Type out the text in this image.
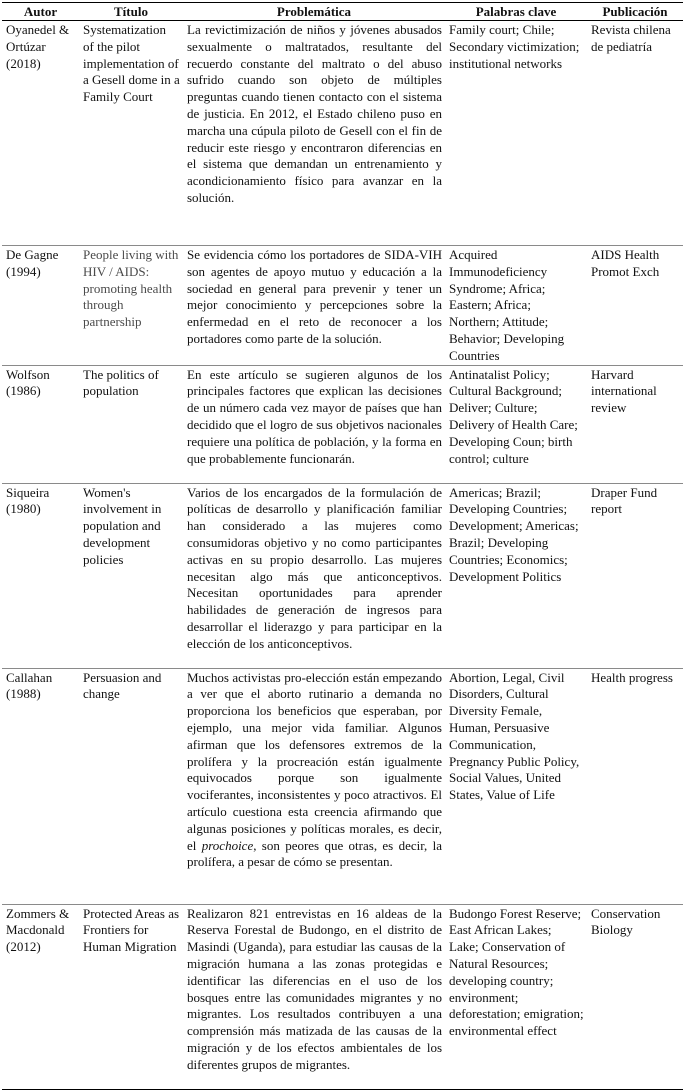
Autor	Título	Problemática	Palabras clave	Publicación
Oyanedel & Ortúzar (2018)	Systematization of the pilot implementation of a Gesell dome in a Family Court	La revictimización de niños y jóvenes abusados sexualmente o maltratados, resultante del recuerdo constante del maltrato o del abuso sufrido cuando son objeto de múltiples preguntas cuando tienen contacto con el sistema de justicia. En 2012, el Estado chileno puso en marcha una cúpula piloto de Gesell con el fin de reducir este riesgo y encontraron diferencias en el sistema que demandan un entrenamiento y acondicionamiento físico para avanzar en la solución.	Family court; Chile; Secondary victimization; institutional networks	Revista chilena de pediatría
De Gagne (1994)	People living with HIV / AIDS: promoting health through partnership	Se evidencia cómo los portadores de SIDA-VIH son agentes de apoyo mutuo y educación a la sociedad en general para prevenir y tener un mejor conocimiento y percepciones sobre la enfermedad en el reto de reconocer a los portadores como parte de la solución.	Acquired Immunodeficiency Syndrome; Africa; Eastern; Africa; Northern; Attitude; Behavior; Developing Countries	AIDS Health Promot Exch
Wolfson (1986)	The politics of population	En este artículo se sugieren algunos de los principales factores que explican las decisiones de un número cada vez mayor de países que han decidido que el logro de sus objetivos nacionales requiere una política de población, y la forma en que probablemente funcionarán.	Antinatalist Policy; Cultural Background; Deliver; Culture; Delivery of Health Care; Developing Coun; birth control; culture	Harvard international review
Siqueira (1980)	Women's involvement in population and development policies	Varios de los encargados de la formulación de políticas de desarrollo y planificación familiar han considerado a las mujeres como consumidoras objetivo y no como participantes activas en su propio desarrollo. Las mujeres necesitan algo más que anticonceptivos. Necesitan oportunidades para aprender habilidades de generación de ingresos para desarrollar el liderazgo y para participar en la elección de los anticonceptivos.	Americas; Brazil; Developing Countries; Development; Americas; Brazil; Developing Countries; Economics; Development Politics	Draper Fund report
Callahan (1988)	Persuasion and change	Muchos activistas pro-elección están empezando a ver que el aborto rutinario a demanda no proporciona los beneficios que esperaban, por ejemplo, una mejor vida familiar. Algunos afirman que los defensores extremos de la prolífera y la procreación están igualmente equivocados porque son igualmente vociferantes, inconsistentes y poco atractivos. El artículo cuestiona esta creencia afirmando que algunas posiciones y políticas morales, es decir, el prochoice, son peores que otras, es decir, la prolífera, a pesar de cómo se presentan.	Abortion, Legal, Civil Disorders, Cultural Diversity Female, Human, Persuasive Communication, Pregnancy Public Policy, Social Values, United States, Value of Life	Health progress
Zommers & Macdonald (2012)	Protected Areas as Frontiers for Human Migration	Realizaron 821 entrevistas en 16 aldeas de la Reserva Forestal de Budongo, en el distrito de Masindi (Uganda), para estudiar las causas de la migración humana a las zonas protegidas e identificar las diferencias en el uso de los bosques entre las comunidades migrantes y no migrantes. Los resultados contribuyen a una comprensión más matizada de las causas de la migración y de los efectos ambientales de los diferentes grupos de migrantes.	Budongo Forest Reserve; East African Lakes; Lake; Conservation of Natural Resources; developing country; environment; deforestation; emigration; environmental effect	Conservation Biology
